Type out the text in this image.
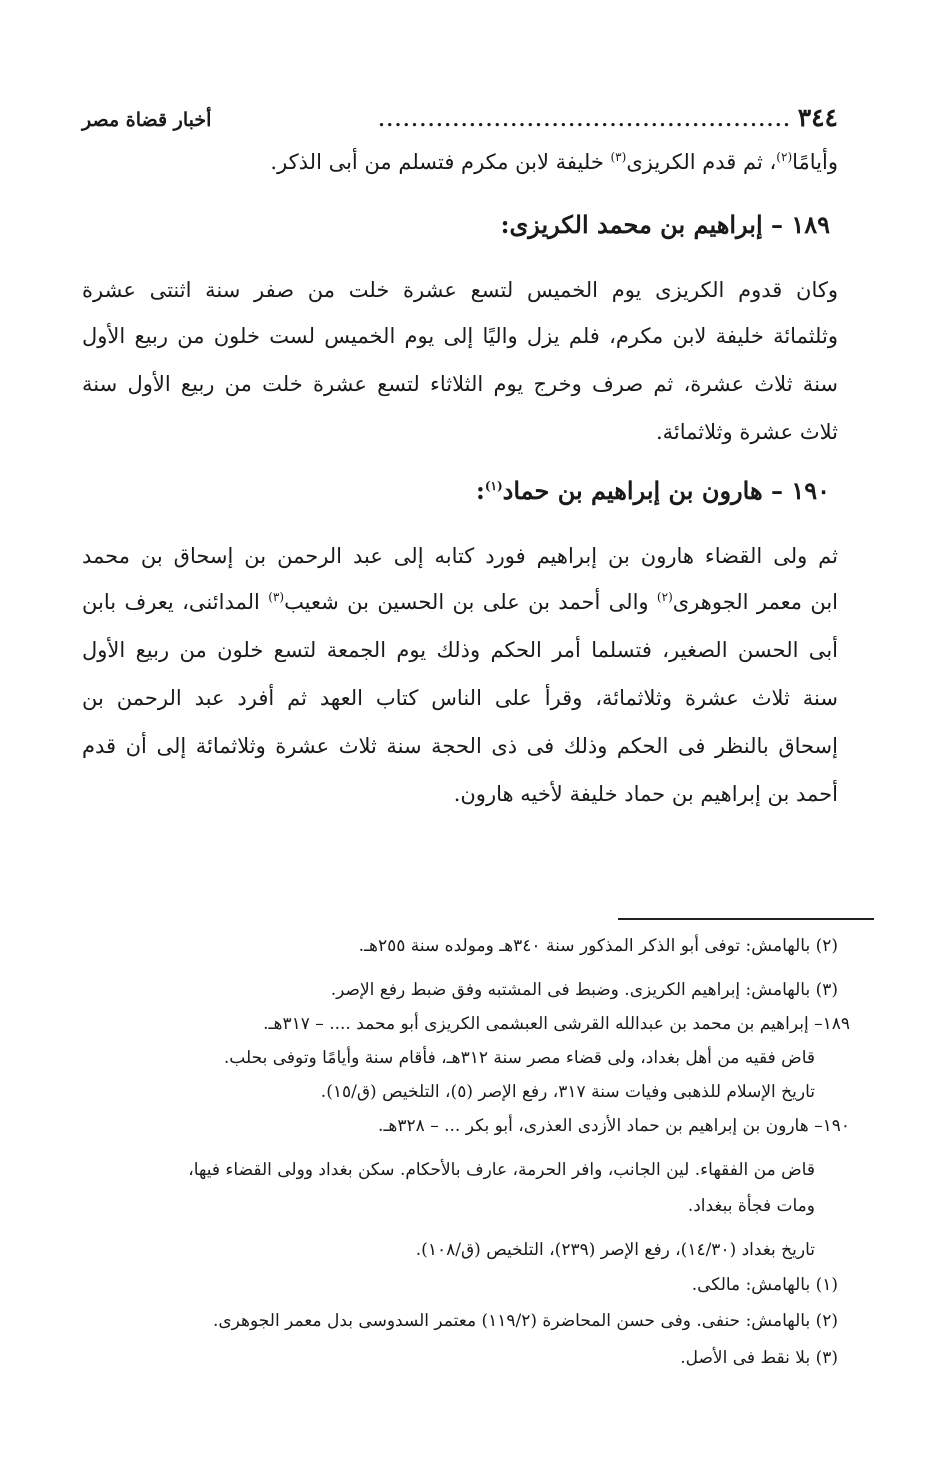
٣٤٤
..................................................
أخبار قضاة مصر
وأيامًا$^{(٢)}$، ثم قدم الكريزى$^{(٣)}$ خليفة لابن مكرم فتسلم من أبى الذكر.
١٨٩ – إبراهيم بن محمد الكريزى:
وكان قدوم الكريزى يوم الخميس لتسع عشرة خلت من صفر سنة اثنتى عشرة
وثلثمائة خليفة لابن مكرم، فلم يزل واليًا إلى يوم الخميس لست خلون من ربيع الأول
سنة ثلاث عشرة، ثم صرف وخرج يوم الثلاثاء لتسع عشرة خلت من ربيع الأول سنة
ثلاث عشرة وثلاثمائة.
١٩٠ – هارون بن إبراهيم بن حماد$^{(١)}$:
ثم ولى القضاء هارون بن إبراهيم فورد كتابه إلى عبد الرحمن بن إسحاق بن محمد
ابن معمر الجوهرى$^{(٢)}$ والى أحمد بن على بن الحسين بن شعيب$^{(٣)}$ المدائنى، يعرف بابن
أبى الحسن الصغير، فتسلما أمر الحكم وذلك يوم الجمعة لتسع خلون من ربيع الأول
سنة ثلاث عشرة وثلاثمائة، وقرأ على الناس كتاب العهد ثم أفرد عبد الرحمن بن
إسحاق بالنظر فى الحكم وذلك فى ذى الحجة سنة ثلاث عشرة وثلاثمائة إلى أن قدم
أحمد بن إبراهيم بن حماد خليفة لأخيه هارون.
(٢) بالهامش: توفى أبو الذكر المذكور سنة ٣٤٠هـ ومولده سنة ٢٥٥هـ.
(٣) بالهامش: إبراهيم الكريزى. وضبط فى المشتبه وفق ضبط رفع الإصر.
١٨٩– إبراهيم بن محمد بن عبدالله القرشى العبشمى الكريزى أبو محمد .... – ٣١٧هـ.
قاض فقيه من أهل بغداد، ولى قضاء مصر سنة ٣١٢هـ، فأقام سنة وأيامًا وتوفى بحلب.
تاريخ الإسلام للذهبى وفيات سنة ٣١٧، رفع الإصر (٥)، التلخيص (ق/١٥).
١٩٠– هارون بن إبراهيم بن حماد الأزدى العذرى، أبو بكر ... – ٣٢٨هـ.
قاض من الفقهاء. لين الجانب، وافر الحرمة، عارف بالأحكام. سكن بغداد وولى القضاء فيها،
ومات فجأة ببغداد.
تاريخ بغداد (١٤/٣٠)، رفع الإصر (٢٣٩)، التلخيص (ق/١٠٨).
(١) بالهامش: مالكى.
(٢) بالهامش: حنفى. وفى حسن المحاضرة (١١٩/٢) معتمر السدوسى بدل معمر الجوهرى.
(٣) بلا نقط فى الأصل.
